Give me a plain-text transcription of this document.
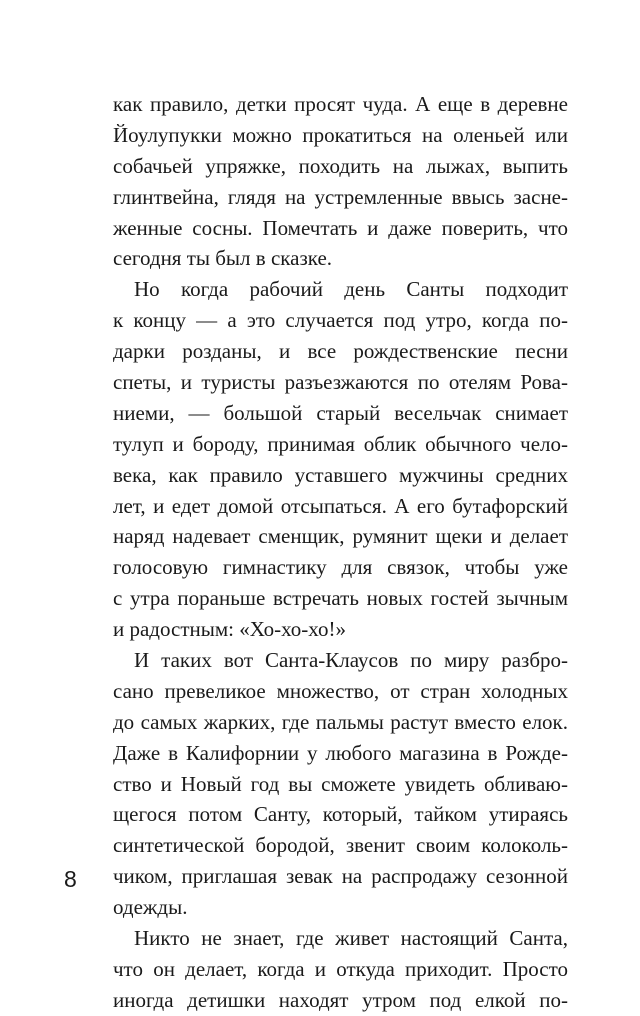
как правило, детки просят чуда. А еще в деревне
Йоулупукки можно прокатиться на оленьей или
собачьей упряжке, походить на лыжах, выпить
глинтвейна, глядя на устремленные ввысь засне-
женные сосны. Помечтать и даже поверить, что
сегодня ты был в сказке.
Но когда рабочий день Санты подходит
к концу — а это случается под утро, когда по-
дарки розданы, и все рождественские песни
спеты, и туристы разъезжаются по отелям Рова-
ниеми, — большой старый весельчак снимает
тулуп и бороду, принимая облик обычного чело-
века, как правило уставшего мужчины средних
лет, и едет домой отсыпаться. А его бутафорский
наряд надевает сменщик, румянит щеки и делает
голосовую гимнастику для связок, чтобы уже
с утра пораньше встречать новых гостей зычным
и радостным: «Хо-хо-хо!»
И таких вот Санта-Клаусов по миру разбро-
сано превеликое множество, от стран холодных
до самых жарких, где пальмы растут вместо елок.
Даже в Калифорнии у любого магазина в Рожде-
ство и Новый год вы сможете увидеть обливаю-
щегося потом Санту, который, тайком утираясь
синтетической бородой, звенит своим колоколь-
чиком, приглашая зевак на распродажу сезонной
одежды.
Никто не знает, где живет настоящий Санта,
что он делает, когда и откуда приходит. Просто
иногда детишки находят утром под елкой по-
8
